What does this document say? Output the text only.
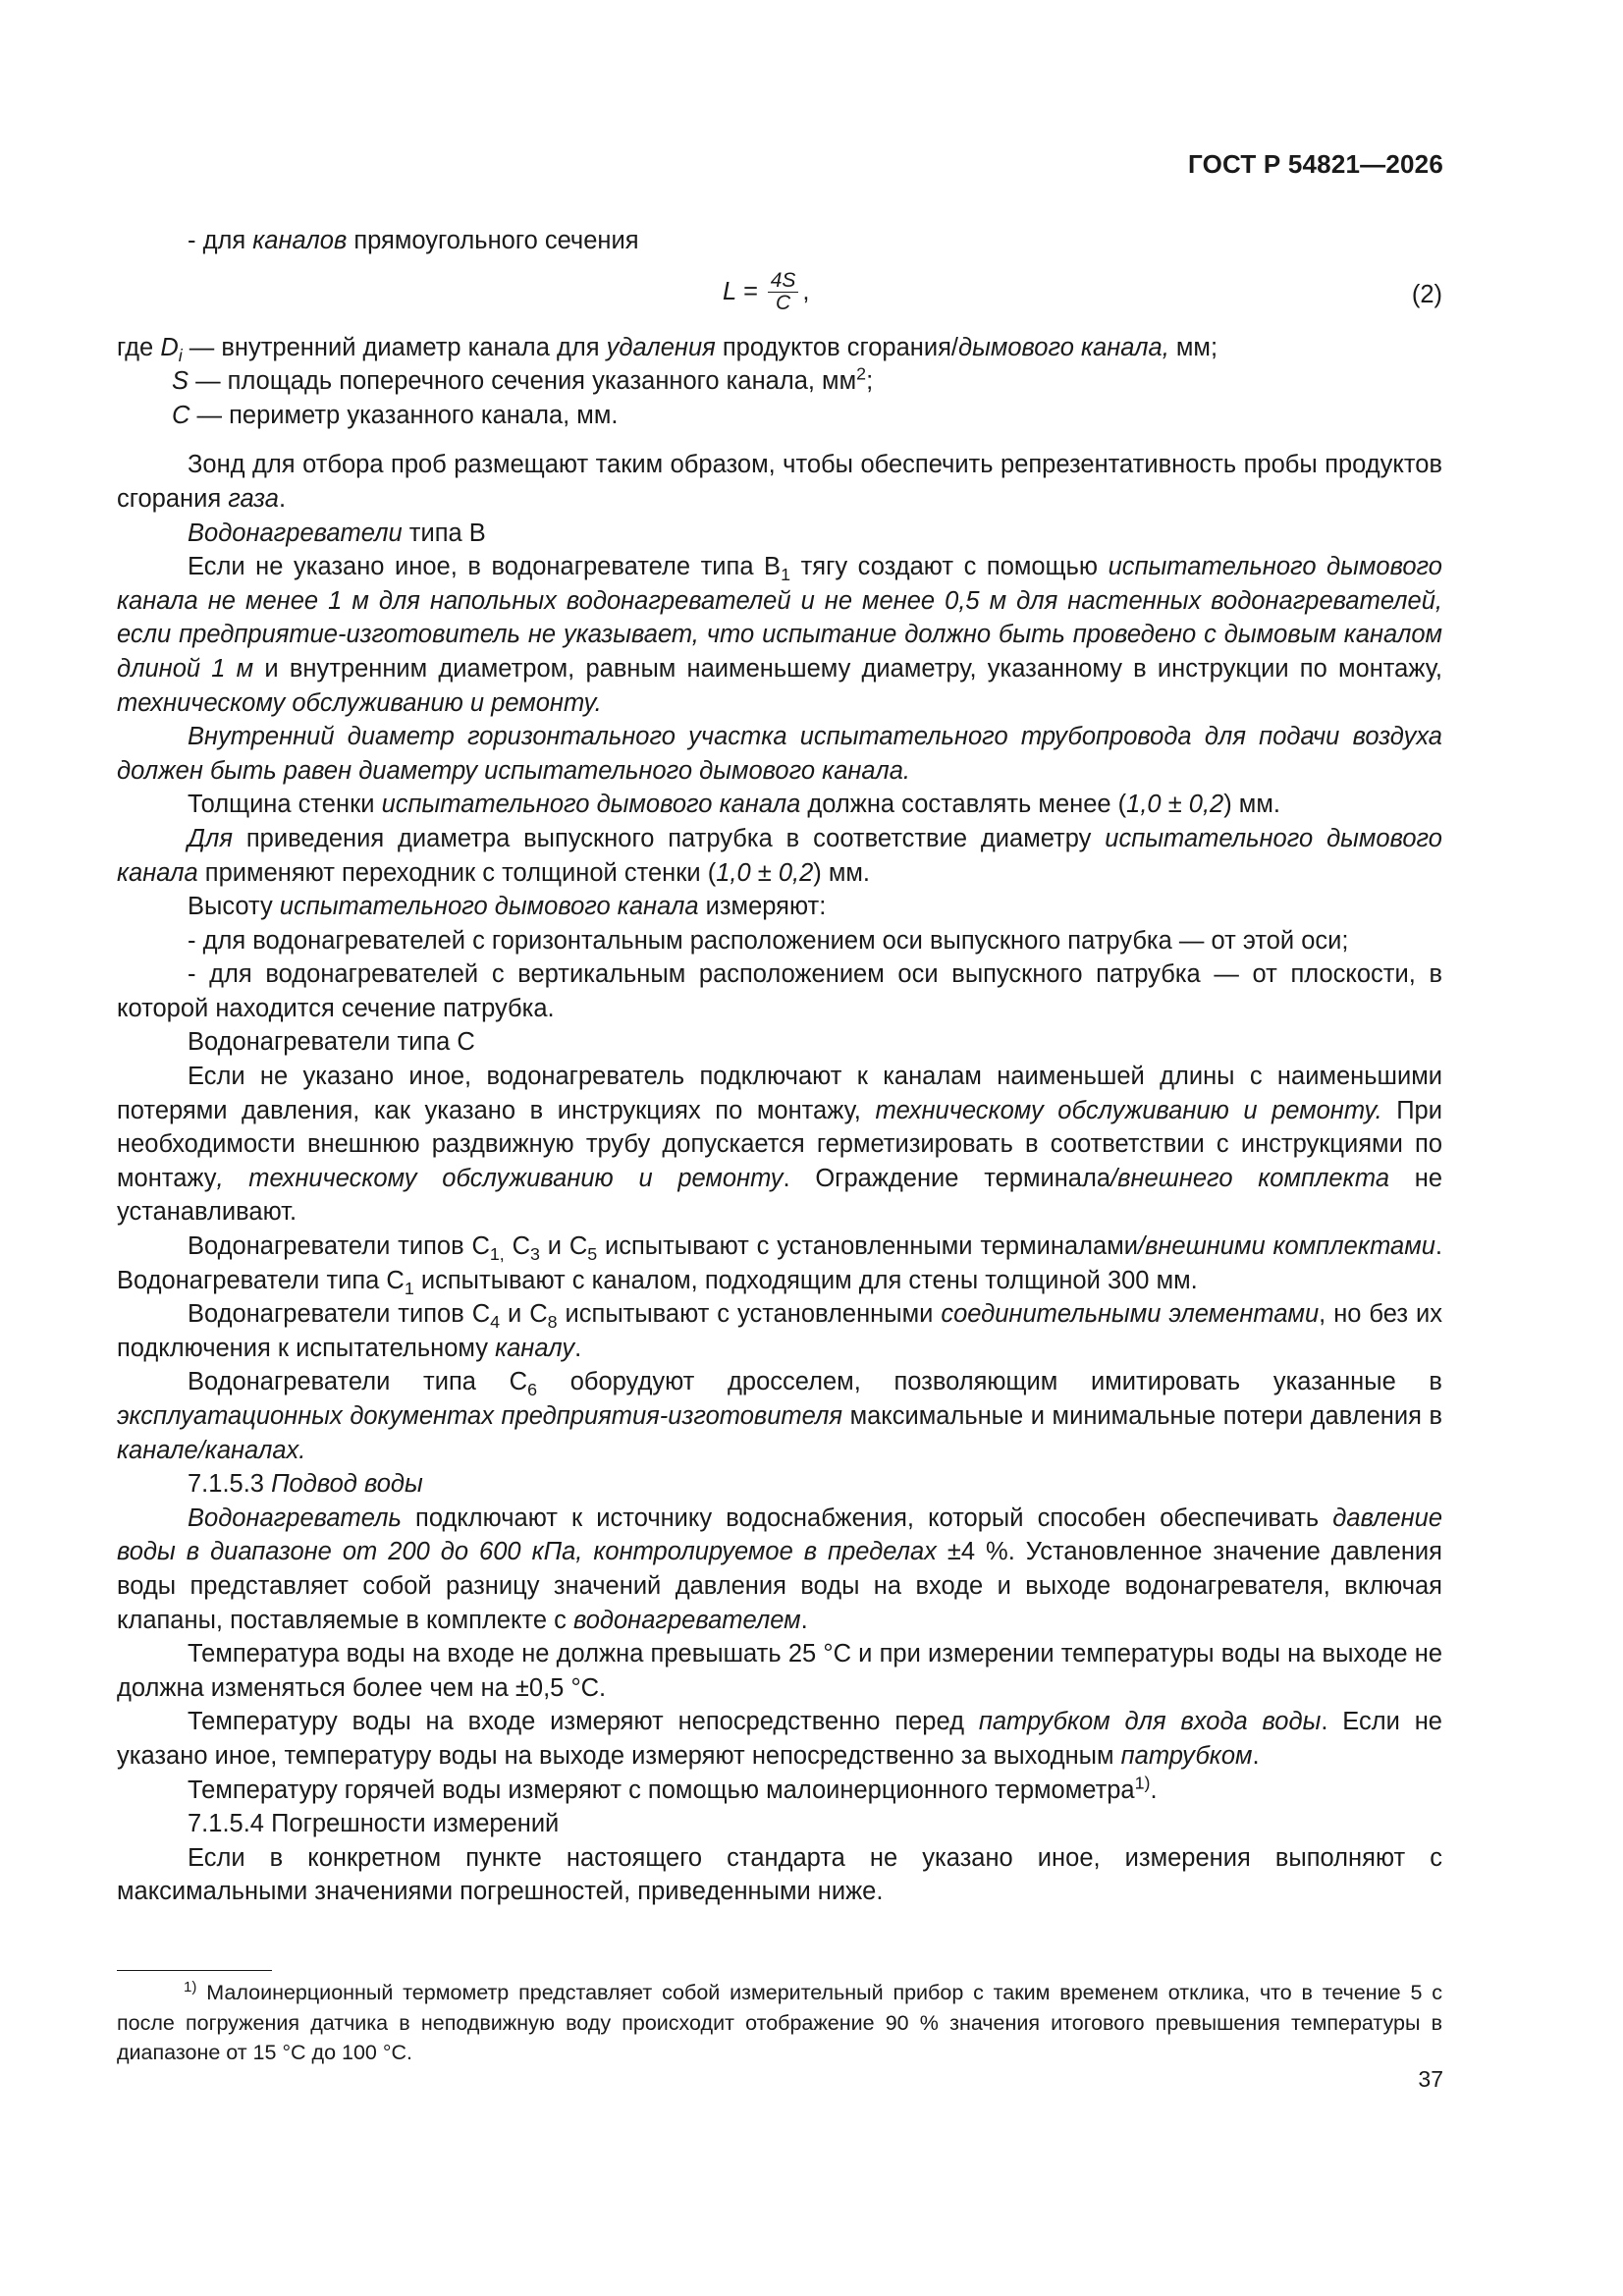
ГОСТ Р 54821—2026

- для каналов прямоугольного сечения

$L = \frac{4S}{C}$ ,	(2)

где $D_i$ — внутренний диаметр канала для удаления продуктов сгорания/дымового канала, мм;

S — площадь поперечного сечения указанного канала, $мм^2$;

C — периметр указанного канала, мм.

Зонд для отбора проб размещают таким образом, чтобы обеспечить репрезентативность пробы продуктов сгорания газа.

Водонагреватели типа В

Если не указано иное, в водонагревателе типа $В_1$ тягу создают с помощью испытательного дымового канала не менее 1 м для напольных водонагревателей и не менее 0,5 м для настенных водонагревателей, если предприятие-изготовитель не указывает, что испытание должно быть проведено с дымовым каналом длиной 1 м и внутренним диаметром, равным наименьшему диаметру, указанному в инструкции по монтажу, техническому обслуживанию и ремонту.

Внутренний диаметр горизонтального участка испытательного трубопровода для подачи воздуха должен быть равен диаметру испытательного дымового канала.

Толщина стенки испытательного дымового канала должна составлять менее (1,0 ± 0,2) мм.

Для приведения диаметра выпускного патрубка в соответствие диаметру испытательного дымового канала применяют переходник с толщиной стенки (1,0 ± 0,2) мм.

Высоту испытательного дымового канала измеряют:

- для водонагревателей с горизонтальным расположением оси выпускного патрубка — от этой оси;

- для водонагревателей с вертикальным расположением оси выпускного патрубка — от плоскости, в которой находится сечение патрубка.

Водонагреватели типа С

Если не указано иное, водонагреватель подключают к каналам наименьшей длины с наименьшими потерями давления, как указано в инструкциях по монтажу, техническому обслуживанию и ремонту. При необходимости внешнюю раздвижную трубу допускается герметизировать в соответствии с инструкциями по монтажу, техническому обслуживанию и ремонту. Ограждение терминала/внешнего комплекта не устанавливают.

Водонагреватели типов $С_{1,}$ $С_3$ и $С_5$ испытывают с установленными терминалами/внешними комплектами. Водонагреватели типа $С_1$ испытывают с каналом, подходящим для стены толщиной 300 мм.

Водонагреватели типов $С_4$ и $С_8$ испытывают с установленными соединительными элементами, но без их подключения к испытательному каналу.

Водонагреватели типа $С_6$ оборудуют дросселем, позволяющим имитировать указанные в эксплуатационных документах предприятия-изготовителя максимальные и минимальные потери давления в канале/каналах.

7.1.5.3 Подвод воды

Водонагреватель подключают к источнику водоснабжения, который способен обеспечивать давление воды в диапазоне от 200 до 600 кПа, контролируемое в пределах ±4 %. Установленное значение давления воды представляет собой разницу значений давления воды на входе и выходе водонагревателя, включая клапаны, поставляемые в комплекте с водонагревателем.

Температура воды на входе не должна превышать 25 °С и при измерении температуры воды на выходе не должна изменяться более чем на ±0,5 °С.

Температуру воды на входе измеряют непосредственно перед патрубком для входа воды. Если не указано иное, температуру воды на выходе измеряют непосредственно за выходным патрубком.

Температуру горячей воды измеряют с помощью малоинерционного термометра$^{1)}$.

7.1.5.4 Погрешности измерений

Если в конкретном пункте настоящего стандарта не указано иное, измерения выполняют с максимальными значениями погрешностей, приведенными ниже.

$^{1)}$ Малоинерционный термометр представляет собой измерительный прибор с таким временем отклика, что в течение 5 с после погружения датчика в неподвижную воду происходит отображение 90 % значения итогового превышения температуры в диапазоне от 15 °С до 100 °С.

37
